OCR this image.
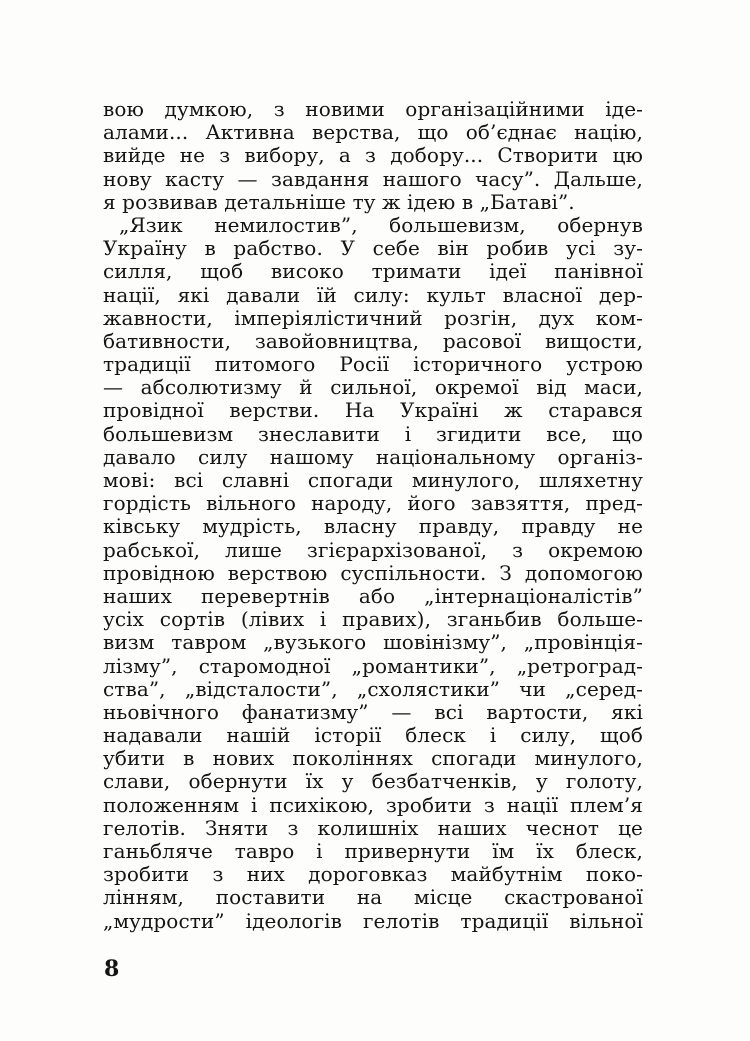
вою думкою, з новими організаційними іде-
алами... Активна верства, що об’єднає націю,
вийде не з вибору, а з добору... Створити цю
нову касту — завдання нашого часу”. Дальше,
я розвивав детальніше ту ж ідею в „Батаві”.
„Язик немилостив”, большевизм, обернув
Україну в рабство. У себе він робив усі зу-
силля, щоб високо тримати ідеї панівної
нації, які давали їй силу: культ власної дер-
жавности, імперіялістичний розгін, дух ком-
бативности, завойовництва, расової вищости,
традиції питомого Росії історичного устрою
— абсолютизму й сильної, окремої від маси,
провідної верстви. На Україні ж старався
большевизм знеславити і згидити все, що
давало силу нашому національному організ-
мові: всі славні спогади минулого, шляхетну
гордість вільного народу, його завзяття, пред-
ківську мудрість, власну правду, правду не
рабської, лише згієрархізованої, з окремою
провідною верствою суспільности. З допомогою
наших перевертнів або „інтернаціоналістів”
усіх сортів (лівих і правих), зганьбив больше-
визм тавром „вузького шовінізму”, „провінція-
лізму”, старомодної „романтики”, „ретроград-
ства”, „відсталости”, „схолястики” чи „серед-
ньовічного фанатизму” — всі вартости, які
надавали нашій історії блеск і силу, щоб
убити в нових поколіннях спогади минулого,
слави, обернути їх у безбатченків, у голоту,
положенням і психікою, зробити з нації плем’я
гелотів. Зняти з колишніх наших чеснот це
ганьбляче тавро і привернути їм їх блеск,
зробити з них дороговказ майбутнім поко-
лінням, поставити на місце скастрованої
„мудрости” ідеологів гелотів традиції вільної
8
